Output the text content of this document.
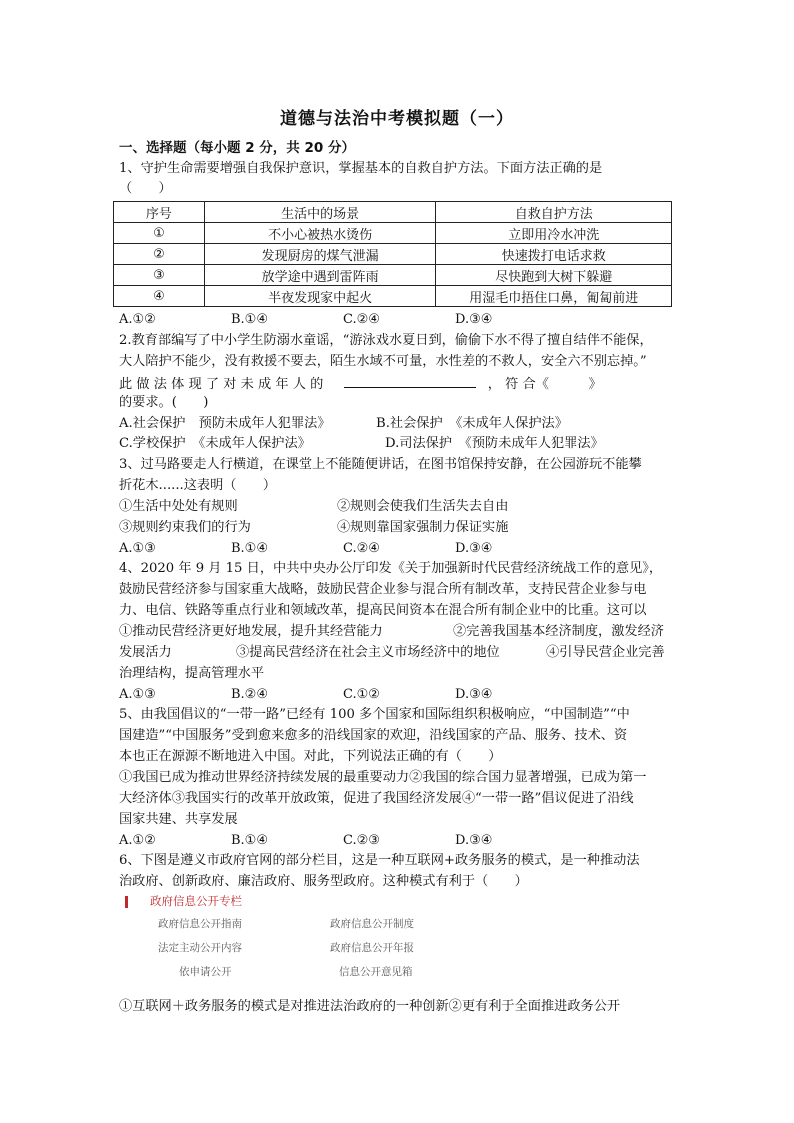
道德与法治中考模拟题（一）
一、选择题（每小题 2 分，共 20 分）
1、守护生命需要增强自我保护意识，掌握基本的自救自护方法。下面方法正确的是
（　　）
序号	生活中的场景	自救自护方法
①	不小心被热水烫伤	立即用冷水冲洗
②	发现厨房的煤气泄漏	快速拨打电话求救
③	放学途中遇到雷阵雨	尽快跑到大树下躲避
④	半夜发现家中起火	用湿毛巾捂住口鼻，匍匐前进
A.①②	B.①④	C.②④	D.③④
2.教育部编写了中小学生防溺水童谣，“游泳戏水夏日到，偷偷下水不得了擅自结伴不能保，
大人陪护不能少，没有救援不要去，陌生水域不可量，水性差的不救人，安全六不别忘掉。”
此 做 法 体 现 了 对 未 成 年 人 的	， 符 合《　　　》
的要求。(　　)
A.社会保护　预防未成年人犯罪法》	B.社会保护　《未成年人保护法》
C.学校保护　《未成年人保护法》	D.司法保护　《预防未成年人犯罪法》
3、过马路要走人行横道，在课堂上不能随便讲话，在图书馆保持安静，在公园游玩不能攀
折花木......这表明（　　）
①生活中处处有规则	②规则会使我们生活失去自由
③规则约束我们的行为	④规则靠国家强制力保证实施
A.①③	B.①④	C.②④	D.③④
4、2020 年 9 月 15 日，中共中央办公厅印发《关于加强新时代民营经济统战工作的意见》，
鼓励民营经济参与国家重大战略，鼓励民营企业参与混合所有制改革，支持民营企业参与电
力、电信、铁路等重点行业和领域改革，提高民间资本在混合所有制企业中的比重。这可以
①推动民营经济更好地发展，提升其经营能力	②完善我国基本经济制度，激发经济
发展活力	③提高民营经济在社会主义市场经济中的地位	④引导民营企业完善
治理结构，提高管理水平
A.①③	B.②④	C.①②	D.③④
5、由我国倡议的“一带一路”已经有 100 多个国家和国际组织积极响应，“中国制造”“中
国建造”“中国服务”受到愈来愈多的沿线国家的欢迎，沿线国家的产品、服务、技术、资
本也正在源源不断地进入中国。对此，下列说法正确的有（　　）
①我国已成为推动世界经济持续发展的最重要动力②我国的综合国力显著增强，已成为第一
大经济体③我国实行的改革开放政策，促进了我国经济发展④“一带一路”倡议促进了沿线
国家共建、共享发展
A.①②	B.①④	C.②③	D.③④
6、下图是遵义市政府官网的部分栏目，这是一种互联网+政务服务的模式，是一种推动法
治政府、创新政府、廉洁政府、服务型政府。这种模式有利于（　　）
政府信息公开专栏
政府信息公开指南	政府信息公开制度
法定主动公开内容	政府信息公开年报
依申请公开	信息公开意见箱
①互联网＋政务服务的模式是对推进法治政府的一种创新②更有利于全面推进政务公开
